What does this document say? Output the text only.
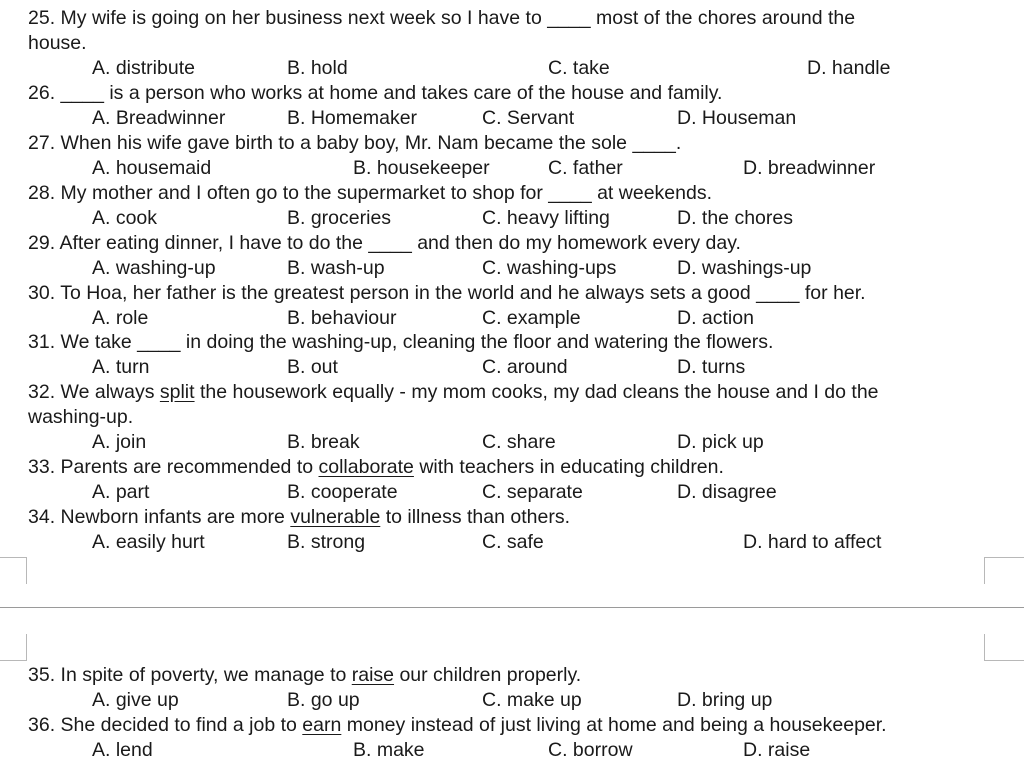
25. My wife is going on her business next week so I have to ____ most of the chores around the
house.
A. distribute	B. hold	C. take	D. handle
26. ____ is a person who works at home and takes care of the house and family.
A. Breadwinner	B. Homemaker	C. Servant	D. Houseman
27. When his wife gave birth to a baby boy, Mr. Nam became the sole ____.
A. housemaid	B. housekeeper	C. father	D. breadwinner
28. My mother and I often go to the supermarket to shop for ____ at weekends.
A. cook	B. groceries	C. heavy lifting	D. the chores
29. After eating dinner, I have to do the ____ and then do my homework every day.
A. washing-up	B. wash-up	C. washing-ups	D. washings-up
30. To Hoa, her father is the greatest person in the world and he always sets a good ____ for her.
A. role	B. behaviour	C. example	D. action
31. We take ____ in doing the washing-up, cleaning the floor and watering the flowers.
A. turn	B. out	C. around	D. turns
32. We always split the housework equally - my mom cooks, my dad cleans the house and I do the
washing-up.
A. join	B. break	C. share	D. pick up
33. Parents are recommended to collaborate with teachers in educating children.
A. part	B. cooperate	C. separate	D. disagree
34. Newborn infants are more vulnerable to illness than others.
A. easily hurt	B. strong	C. safe	D. hard to affect
35. In spite of poverty, we manage to raise our children properly.
A. give up	B. go up	C. make up	D. bring up
36. She decided to find a job to earn money instead of just living at home and being a housekeeper.
A. lend	B. make	C. borrow	D. raise
